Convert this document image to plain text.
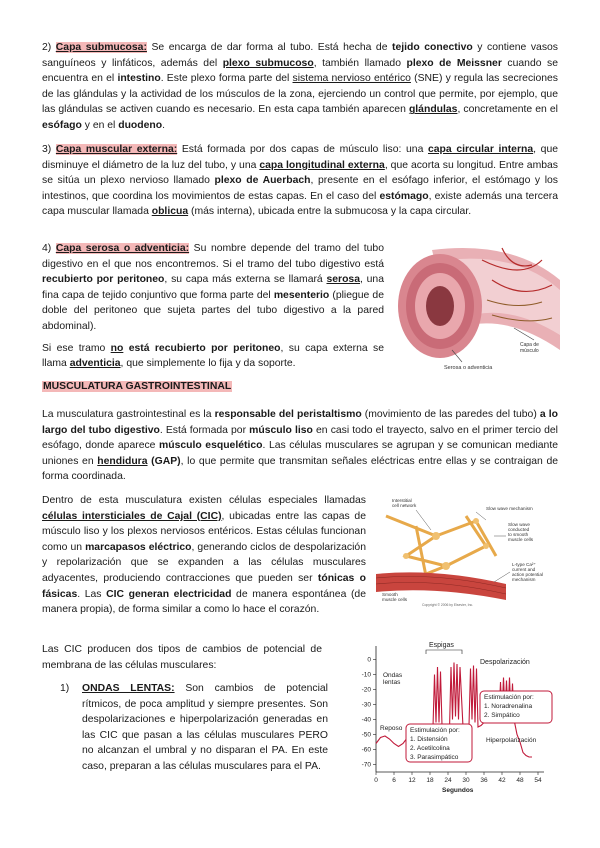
2) Capa submucosa: Se encarga de dar forma al tubo. Está hecha de tejido conectivo y contiene vasos sanguíneos y linfáticos, además del plexo submucoso, también llamado plexo de Meissner cuando se encuentra en el intestino. Este plexo forma parte del sistema nervioso entérico (SNE) y regula las secreciones de las glándulas y la actividad de los músculos de la zona, ejerciendo un control que permite, por ejemplo, que las glándulas se activen cuando es necesario. En esta capa también aparecen glándulas, concretamente en el esófago y en el duodeno.
3) Capa muscular externa: Está formada por dos capas de músculo liso: una capa circular interna, que disminuye el diámetro de la luz del tubo, y una capa longitudinal externa, que acorta su longitud. Entre ambas se sitúa un plexo nervioso llamado plexo de Auerbach, presente en el esófago inferior, el estómago y los intestinos, que coordina los movimientos de estas capas. En el caso del estómago, existe además una tercera capa muscular llamada oblicua (más interna), ubicada entre la submucosa y la capa circular.
4) Capa serosa o adventicia: Su nombre depende del tramo del tubo digestivo en el que nos encontremos. Si el tramo del tubo digestivo está recubierto por peritoneo, su capa más externa se llamará serosa, una fina capa de tejido conjuntivo que forma parte del mesenterio (pliegue de doble del peritoneo que sujeta partes del tubo digestivo a la pared abdominal).
Si ese tramo no está recubierto por peritoneo, su capa externa se llama adventicia, que simplemente lo fija y da soporte.
Capa de músculo
Serosa o adventicia
MUSCULATURA GASTROINTESTINAL
La musculatura gastrointestinal es la responsable del peristaltismo (movimiento de las paredes del tubo) a lo largo del tubo digestivo. Está formada por músculo liso en casi todo el trayecto, salvo en el primer tercio del esófago, donde aparece músculo esquelético. Las células musculares se agrupan y se comunican mediante uniones en hendidura (GAP), lo que permite que transmitan señales eléctricas entre ellas y se contraigan de forma coordinada.
Dentro de esta musculatura existen células especiales llamadas células intersticiales de Cajal (CIC), ubicadas entre las capas de músculo liso y los plexos nerviosos entéricos. Estas células funcionan como un marcapasos eléctrico, generando ciclos de despolarización y repolarización que se expanden a las células musculares adyacentes, produciendo contracciones que pueden ser tónicas o fásicas. Las CIC generan electricidad de manera espontánea (de manera propia), de forma similar a como lo hace el corazón.
Interstitial cell network
Slow wave mechanism
Slow wave conducted to smooth muscle cells
L-type Ca²⁺ current and action potential mechanism
Smooth muscle cells
Copyright © 2006 by Elsevier, Inc.
Las CIC producen dos tipos de cambios de potencial de membrana de las células musculares:
1)	ONDAS LENTAS: Son cambios de potencial rítmicos, de poca amplitud y siempre presentes. Son despolarizaciones e hiperpolarización generadas en las CIC que pasan a las células musculares PERO no alcanzan el umbral y no disparan el PA. En este caso, preparan a las células musculares para el PA.
0
-10
-20
-30
-40
-50
-60
-70
0 6 12 18 24 30 36 42 48 54
Segundos
Espigas
Despolarización
Ondas lentas
Reposo
Estimulación por:
1. Noradrenalina
2. Simpático
Estimulación por:
1. Distensión
2. Acetilcolina
3. Parasimpático
Hiperpolarización
